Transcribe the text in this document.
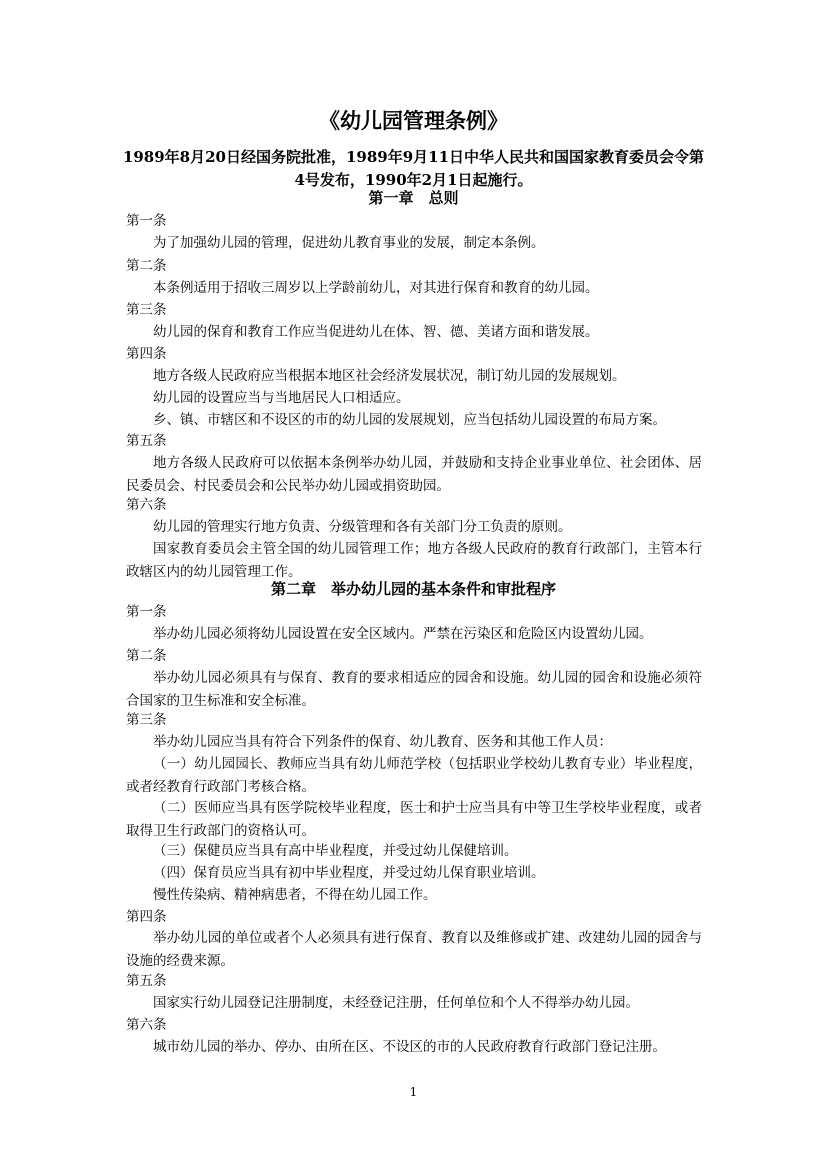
《幼儿园管理条例》
1989年8月20日经国务院批准，1989年9月11日中华人民共和国国家教育委员会令第4号发布，1990年2月1日起施行。
第一章　总则
第一条
为了加强幼儿园的管理，促进幼儿教育事业的发展，制定本条例。
第二条
本条例适用于招收三周岁以上学龄前幼儿，对其进行保育和教育的幼儿园。
第三条
幼儿园的保育和教育工作应当促进幼儿在体、智、德、美诸方面和谐发展。
第四条
地方各级人民政府应当根据本地区社会经济发展状况，制订幼儿园的发展规划。
幼儿园的设置应当与当地居民人口相适应。
乡、镇、市辖区和不设区的市的幼儿园的发展规划，应当包括幼儿园设置的布局方案。
第五条
地方各级人民政府可以依据本条例举办幼儿园，并鼓励和支持企业事业单位、社会团体、居民委员会、村民委员会和公民举办幼儿园或捐资助园。
第六条
幼儿园的管理实行地方负责、分级管理和各有关部门分工负责的原则。
国家教育委员会主管全国的幼儿园管理工作；地方各级人民政府的教育行政部门，主管本行政辖区内的幼儿园管理工作。
第二章　举办幼儿园的基本条件和审批程序
第一条
举办幼儿园必须将幼儿园设置在安全区域内。严禁在污染区和危险区内设置幼儿园。
第二条
举办幼儿园必须具有与保育、教育的要求相适应的园舍和设施。幼儿园的园舍和设施必须符合国家的卫生标准和安全标准。
第三条
举办幼儿园应当具有符合下列条件的保育、幼儿教育、医务和其他工作人员：
（一）幼儿园园长、教师应当具有幼儿师范学校（包括职业学校幼儿教育专业）毕业程度，或者经教育行政部门考核合格。
（二）医师应当具有医学院校毕业程度，医士和护士应当具有中等卫生学校毕业程度，或者取得卫生行政部门的资格认可。
（三）保健员应当具有高中毕业程度，并受过幼儿保健培训。
（四）保育员应当具有初中毕业程度，并受过幼儿保育职业培训。
慢性传染病、精神病患者，不得在幼儿园工作。
第四条
举办幼儿园的单位或者个人必须具有进行保育、教育以及维修或扩建、改建幼儿园的园舍与设施的经费来源。
第五条
国家实行幼儿园登记注册制度，未经登记注册，任何单位和个人不得举办幼儿园。
第六条
城市幼儿园的举办、停办、由所在区、不设区的市的人民政府教育行政部门登记注册。
1
